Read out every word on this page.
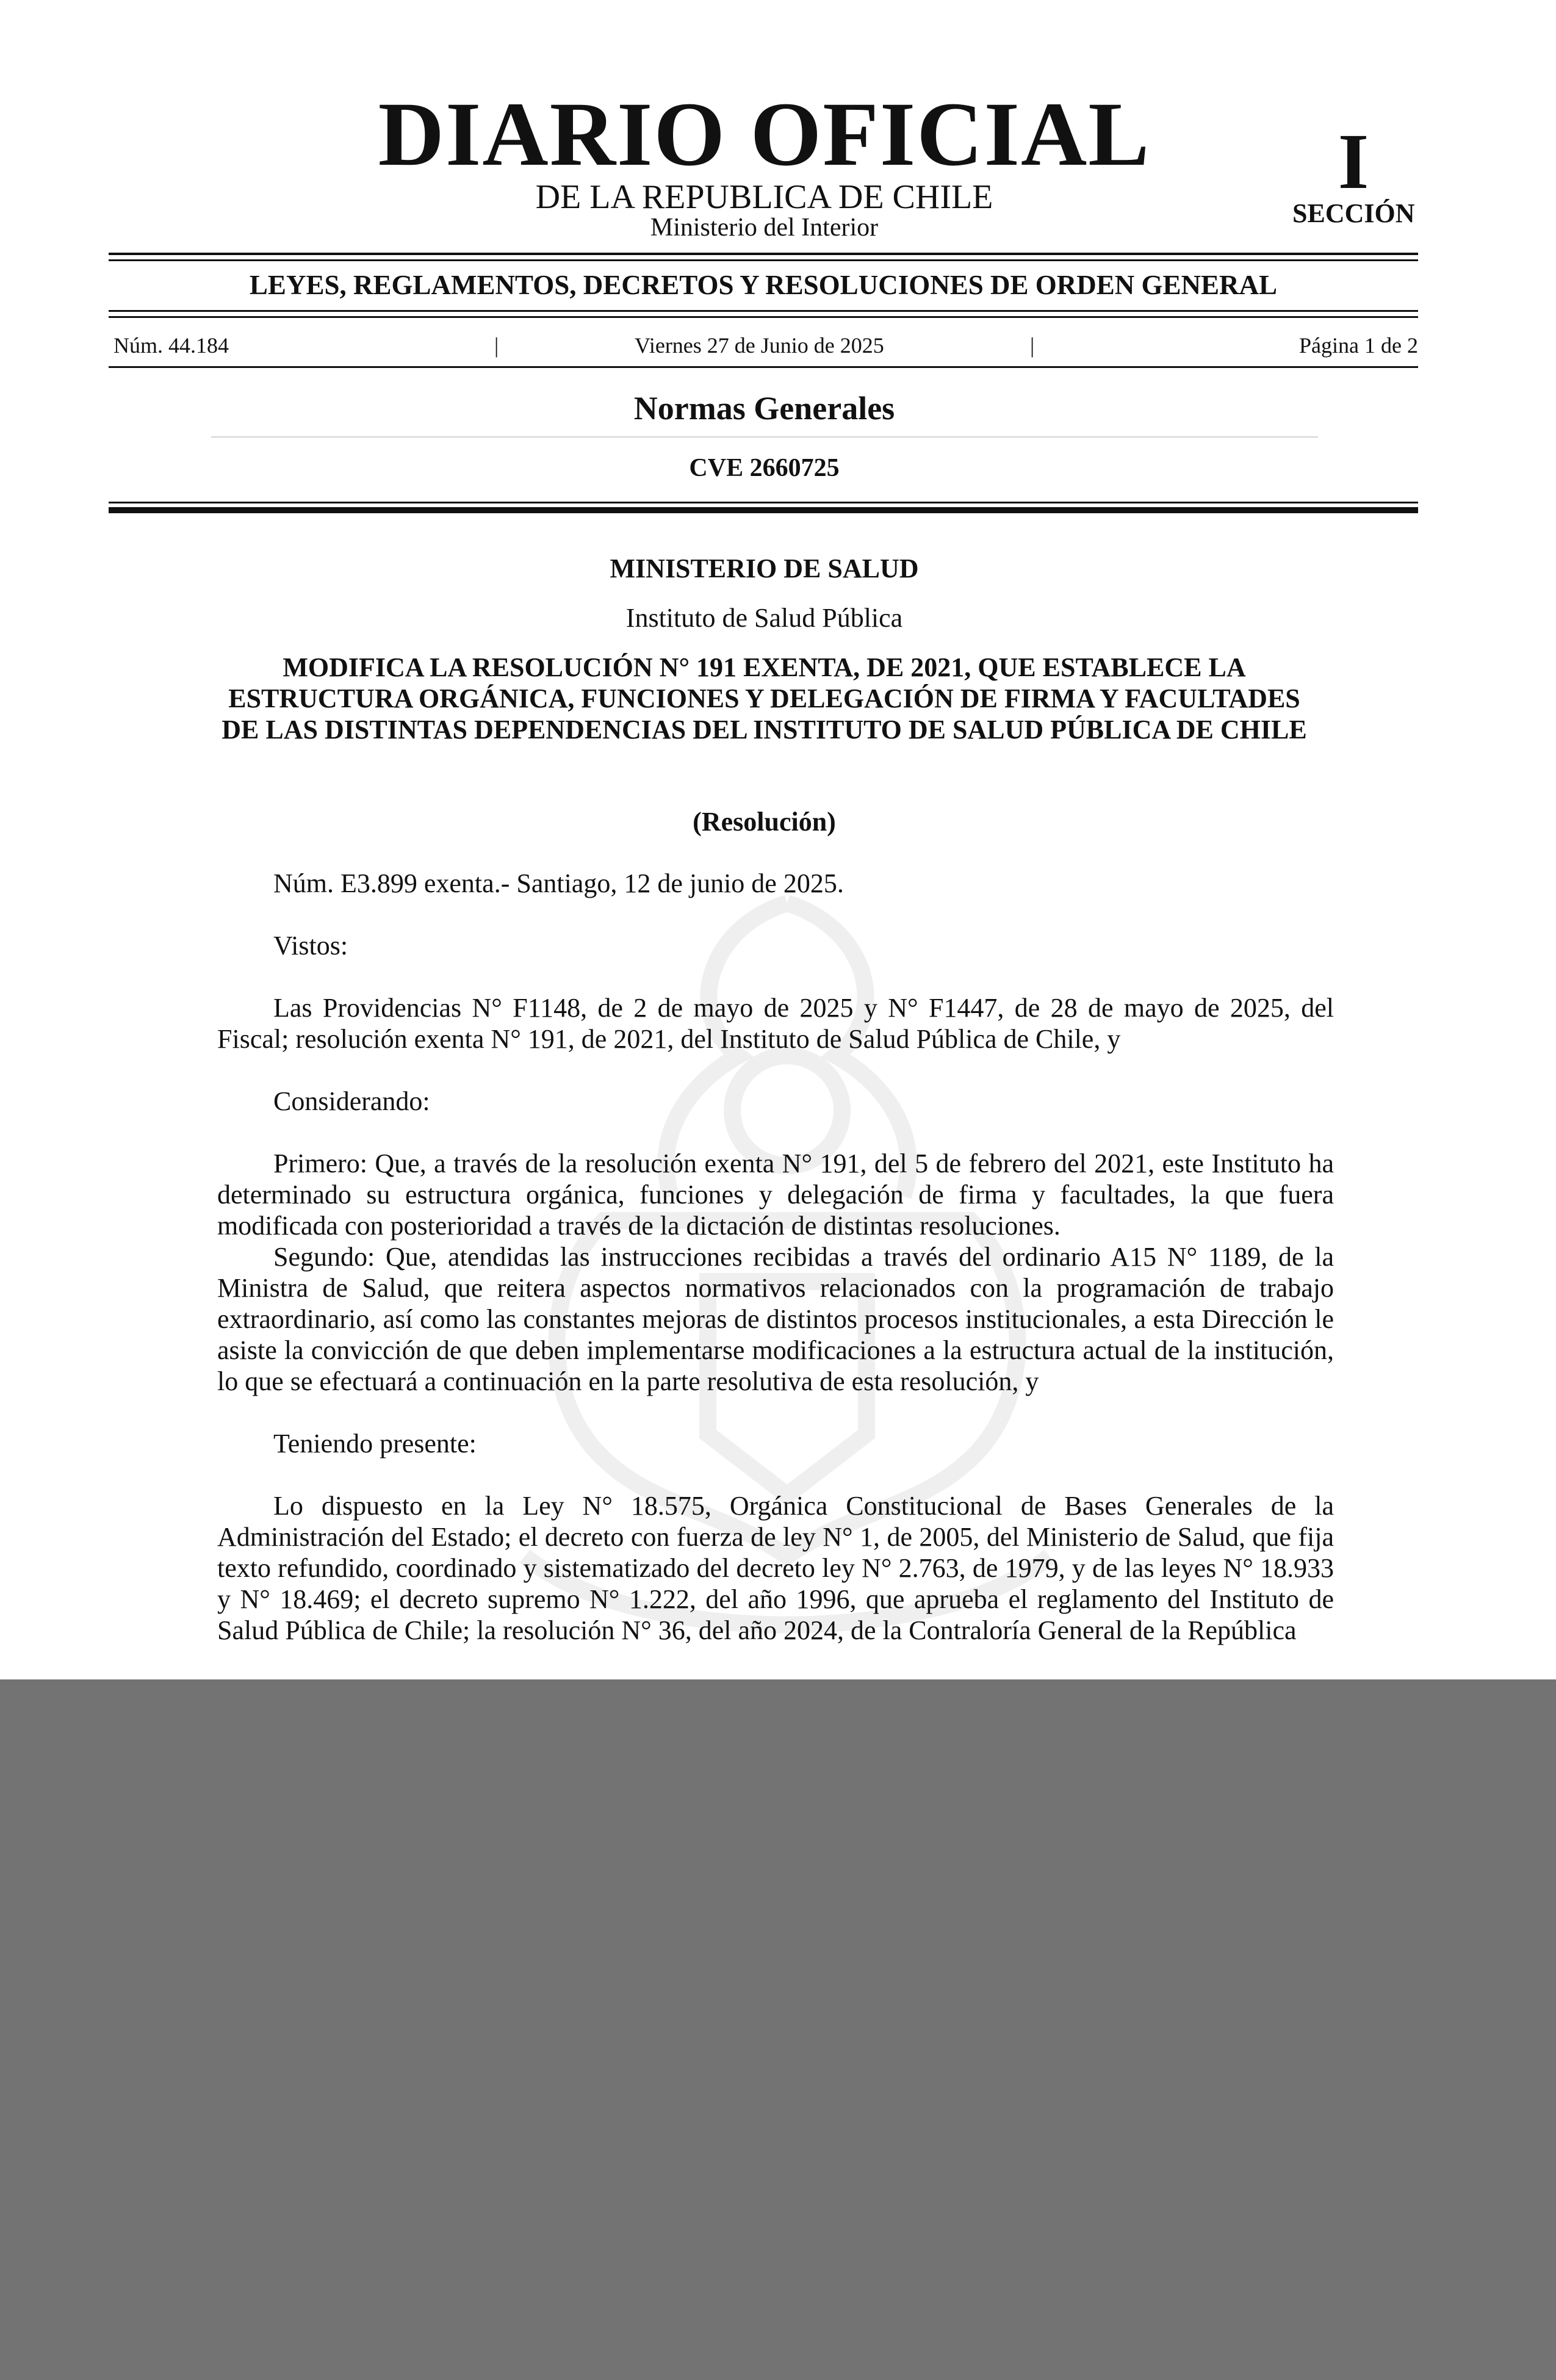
DIARIO OFICIAL
DE LA REPUBLICA DE CHILE
Ministerio del Interior
I
SECCIÓN
LEYES, REGLAMENTOS, DECRETOS Y RESOLUCIONES DE ORDEN GENERAL
Núm. 44.184	|	Viernes 27 de Junio de 2025	|	Página 1 de 2
Normas Generales
CVE 2660725
MINISTERIO DE SALUD
Instituto de Salud Pública
MODIFICA LA RESOLUCIÓN N° 191 EXENTA, DE 2021, QUE ESTABLECE LA ESTRUCTURA ORGÁNICA, FUNCIONES Y DELEGACIÓN DE FIRMA Y FACULTADES DE LAS DISTINTAS DEPENDENCIAS DEL INSTITUTO DE SALUD PÚBLICA DE CHILE
(Resolución)

Núm. E3.899 exenta.- Santiago, 12 de junio de 2025.

Vistos:

Las Providencias N° F1148, de 2 de mayo de 2025 y N° F1447, de 28 de mayo de 2025, del Fiscal; resolución exenta N° 191, de 2021, del Instituto de Salud Pública de Chile, y

Considerando:

Primero: Que, a través de la resolución exenta N° 191, del 5 de febrero del 2021, este Instituto ha determinado su estructura orgánica, funciones y delegación de firma y facultades, la que fuera modificada con posterioridad a través de la dictación de distintas resoluciones.

Segundo: Que, atendidas las instrucciones recibidas a través del ordinario A15 N° 1189, de la Ministra de Salud, que reitera aspectos normativos relacionados con la programación de trabajo extraordinario, así como las constantes mejoras de distintos procesos institucionales, a esta Dirección le asiste la convicción de que deben implementarse modificaciones a la estructura actual de la institución, lo que se efectuará a continuación en la parte resolutiva de esta resolución, y

Teniendo presente:

Lo dispuesto en la Ley N° 18.575, Orgánica Constitucional de Bases Generales de la Administración del Estado; el decreto con fuerza de ley N° 1, de 2005, del Ministerio de Salud, que fija texto refundido, coordinado y sistematizado del decreto ley N° 2.763, de 1979, y de las leyes N° 18.933 y N° 18.469; el decreto supremo N° 1.222, del año 1996, que aprueba el reglamento del Instituto de Salud Pública de Chile; la resolución N° 36, del año 2024, de la Contraloría General de la República
